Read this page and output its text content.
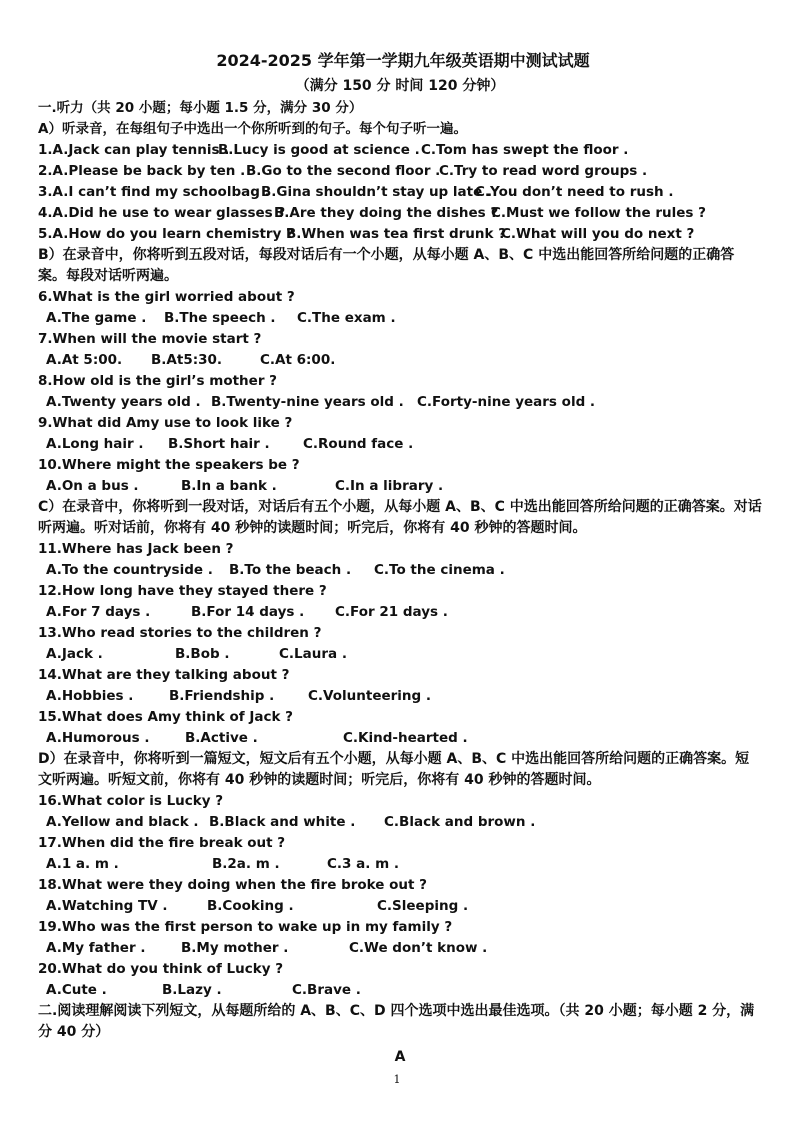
2024-2025 学年第一学期九年级英语期中测试试题
（满分 150 分 时间 120 分钟）
一.听力（共 20 小题；每小题 1.5 分，满分 30 分）
A）听录音，在每组句子中选出一个你所听到的句子。每个句子听一遍。
1.A.Jack can play tennis .
B.Lucy is good at science . C.Tom has swept the floor .
2.A.Please be back by ten . B.Go to the second floor .
C.Try to read word groups .
3.A.I can’t find my schoolbag .
B.Gina shouldn’t stay up late .
C.You don’t need to rush .
4.A.Did he use to wear glasses ?
B.Are they doing the dishes ?
C.Must we follow the rules ?
5.A.How do you learn chemistry ?
B.When was tea first drunk ?
C.What will you do next ?
B）在录音中，你将听到五段对话，每段对话后有一个小题，从每小题 A、B、C 中选出能回答所给问题的正确答案。每段对话听两遍。
6.What is the girl worried about ?
A.The game .	B.The speech .	C.The exam .
7.When will the movie start ?
A.At 5:00.	B.At5:30.	C.At 6:00.
8.How old is the girl’s mother ?
A.Twenty years old . B.Twenty-nine years old . C.Forty-nine years old .
9.What did Amy use to look like ?
A.Long hair .	B.Short hair .	C.Round face .
10.Where might the speakers be ?
A.On a bus .	B.In a bank .	C.In a library .
C）在录音中，你将听到一段对话，对话后有五个小题，从每小题 A、B、C 中选出能回答所给问题的正确答案。对话听两遍。听对话前，你将有 40 秒钟的读题时间；听完后，你将有 40 秒钟的答题时间。
11.Where has Jack been ?
A.To the countryside .	B.To the beach .	C.To the cinema .
12.How long have they stayed there ?
A.For 7 days .	B.For 14 days .	C.For 21 days .
13.Who read stories to the children ?
A.Jack .	B.Bob .	C.Laura .
14.What are they talking about ?
A.Hobbies .	B.Friendship .	C.Volunteering .
15.What does Amy think of Jack ?
A.Humorous .	B.Active .	C.Kind-hearted .
D）在录音中，你将听到一篇短文，短文后有五个小题，从每小题 A、B、C 中选出能回答所给问题的正确答案。短文听两遍。听短文前，你将有 40 秒钟的读题时间；听完后，你将有 40 秒钟的答题时间。
16.What color is Lucky ?
A.Yellow and black . B.Black and white .	C.Black and brown .
17.When did the fire break out ?
A.1 a. m .	B.2a. m .	C.3 a. m .
18.What were they doing when the fire broke out ?
A.Watching TV .	B.Cooking .	C.Sleeping .
19.Who was the first person to wake up in my family ?
A.My father .	B.My mother .	C.We don’t know .
20.What do you think of Lucky ?
A.Cute .	B.Lazy .	C.Brave .
二.阅读理解阅读下列短文，从每题所给的 A、B、C、D 四个选项中选出最佳选项。（共 20 小题；每小题 2 分，满分 40 分）
A
1
